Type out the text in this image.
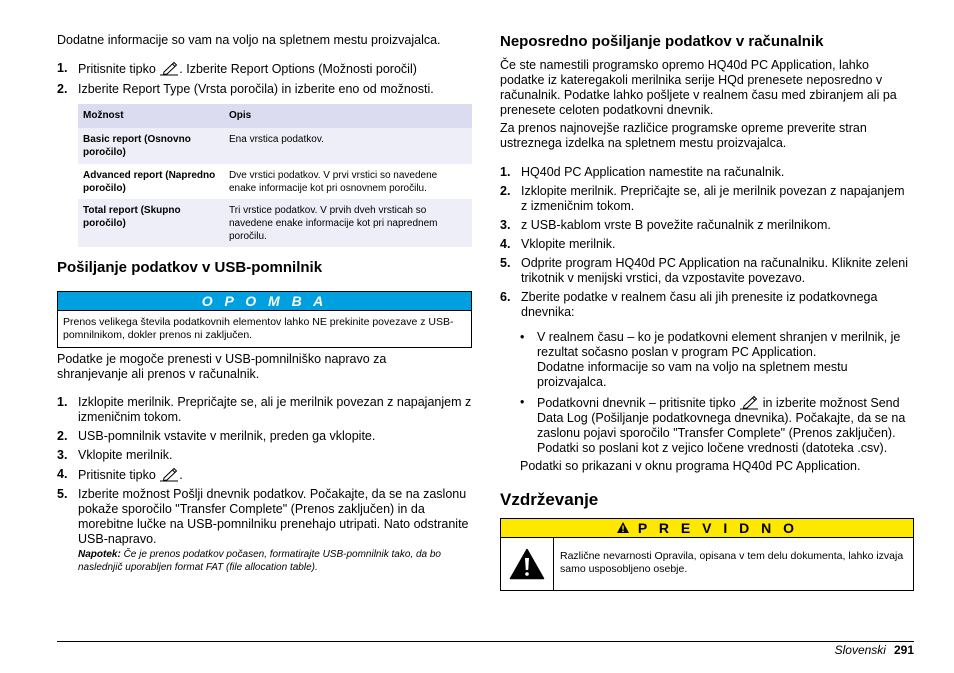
Dodatne informacije so vam na voljo na spletnem mestu proizvajalca.

1. Pritisnite tipko . Izberite Report Options (Možnosti poročil)
2. Izberite Report Type (Vrsta poročila) in izberite eno od možnosti.
Možnost	Opis
Basic report (Osnovno poročilo)	Ena vrstica podatkov.
Advanced report (Napredno poročilo)	Dve vrstici podatkov. V prvi vrstici so navedene enake informacije kot pri osnovnem poročilu.
Total report (Skupno poročilo)	Tri vrstice podatkov. V prvih dveh vrsticah so navedene enake informacije kot pri naprednem poročilu.
Pošiljanje podatkov v USB-pomnilnik
O P O M B A
Prenos velikega števila podatkovnih elementov lahko NE prekinite povezave z USB-pomnilnikom, dokler prenos ni zaključen.

Podatke je mogoče prenesti v USB-pomnilniško napravo za shranjevanje ali prenos v računalnik.

1. Izklopite merilnik. Prepričajte se, ali je merilnik povezan z napajanjem z izmeničnim tokom.
2. USB-pomnilnik vstavite v merilnik, preden ga vklopite.
3. Vklopite merilnik.
4. Pritisnite tipko .
5. Izberite možnost Pošlji dnevnik podatkov. Počakajte, da se na zaslonu pokaže sporočilo "Transfer Complete" (Prenos zaključen) in da morebitne lučke na USB-pomnilniku prenehajo utripati. Nato odstranite USB-napravo.

Napotek: Če je prenos podatkov počasen, formatirajte USB-pomnilnik tako, da bo naslednjič uporabljen format FAT (file allocation table).

Neposredno pošiljanje podatkov v računalnik

Če ste namestili programsko opremo HQ40d PC Application, lahko podatke iz kateregakoli merilnika serije HQd prenesete neposredno v računalnik. Podatke lahko pošljete v realnem času med zbiranjem ali pa prenesete celoten podatkovni dnevnik.

Za prenos najnovejše različice programske opreme preverite stran ustreznega izdelka na spletnem mestu proizvajalca.

1. HQ40d PC Application namestite na računalnik.
2. Izklopite merilnik. Prepričajte se, ali je merilnik povezan z napajanjem z izmeničnim tokom.
3. z USB-kablom vrste B povežite računalnik z merilnikom.
4. Vklopite merilnik.
5. Odprite program HQ40d PC Application na računalniku. Kliknite zeleni trikotnik v menijski vrstici, da vzpostavite povezavo.
6. Zberite podatke v realnem času ali jih prenesite iz podatkovnega dnevnika:
• V realnem času – ko je podatkovni element shranjen v merilnik, je rezultat sočasno poslan v program PC Application.
Dodatne informacije so vam na voljo na spletnem mestu proizvajalca.
• Podatkovni dnevnik – pritisnite tipko  in izberite možnost Send Data Log (Pošiljanje podatkovnega dnevnika). Počakajte, da se na zaslonu pojavi sporočilo "Transfer Complete" (Prenos zaključen). Podatki so poslani kot z vejico ločene vrednosti (datoteka .csv).

Podatki so prikazani v oknu programa HQ40d PC Application.

Vzdrževanje
P R E V I D N O
Različne nevarnosti Opravila, opisana v tem delu dokumenta, lahko izvaja samo usposobljeno osebje.
Slovenski 291
